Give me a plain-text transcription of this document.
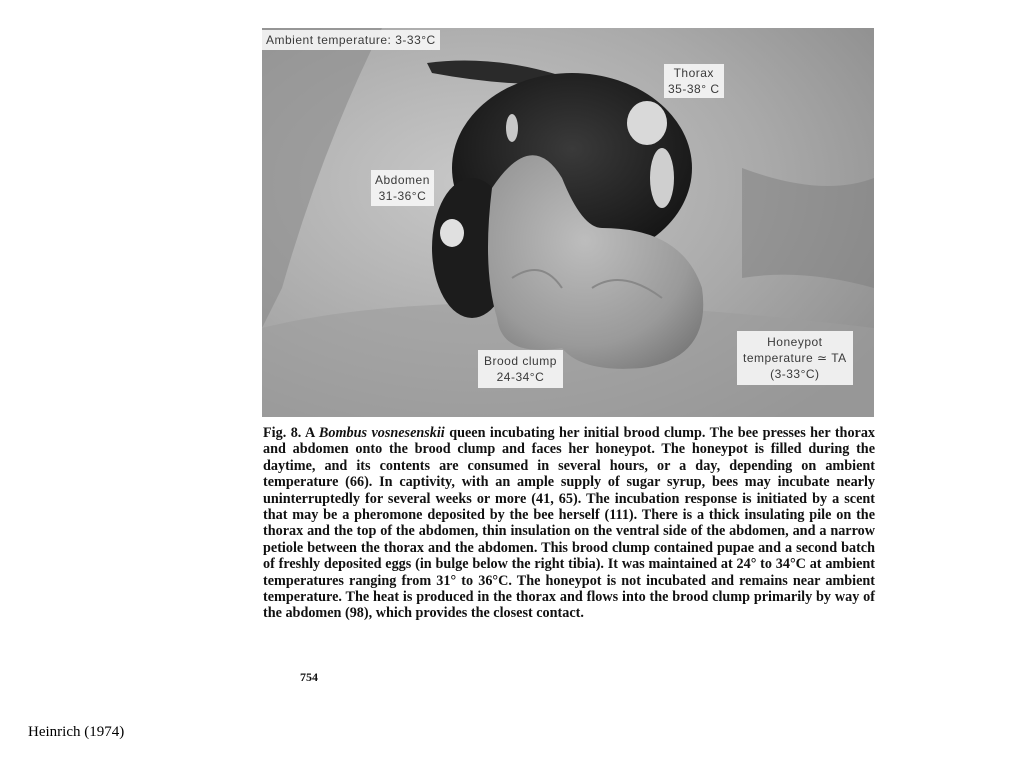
Ambient temperature: 3-33°C
Thorax
35-38° C
Abdomen
31-36°C
Brood clump
24-34°C
Honeypot
temperature ≃ TA
(3-33°C)

Fig. 8. A Bombus vosnesenskii queen incubating her initial brood clump. The bee presses her thorax and abdomen onto the brood clump and faces her honeypot. The honeypot is filled during the daytime, and its contents are consumed in several hours, or a day, depending on ambient temperature (66). In captivity, with an ample supply of sugar syrup, bees may incubate nearly uninterruptedly for several weeks or more (41, 65). The incubation response is initiated by a scent that may be a pheromone deposited by the bee herself (111). There is a thick insulating pile on the thorax and the top of the abdomen, thin insulation on the ventral side of the abdomen, and a narrow petiole between the thorax and the abdomen. This brood clump contained pupae and a second batch of freshly deposited eggs (in bulge below the right tibia). It was maintained at 24° to 34°C at ambient temperatures ranging from 31° to 36°C. The honeypot is not incubated and remains near ambient temperature. The heat is produced in the thorax and flows into the brood clump primarily by way of the abdomen (98), which provides the closest contact.

754
Heinrich (1974)
